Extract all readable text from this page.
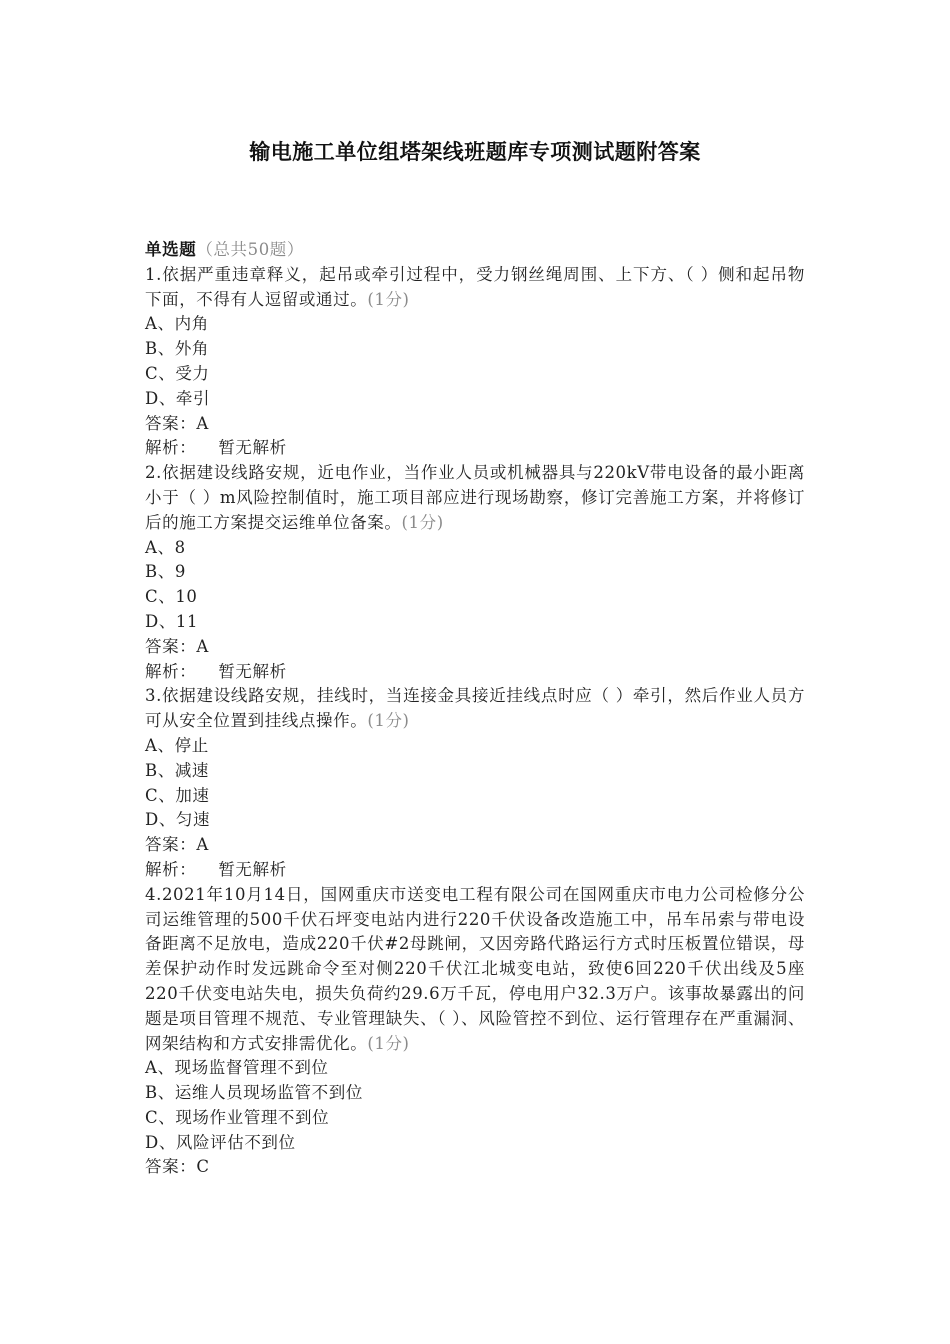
输电施工单位组塔架线班题库专项测试题附答案
单选题（总共50题）
1.依据严重违章释义，起吊或牵引过程中，受力钢丝绳周围、上下方、（ ）侧和起吊物下面，不得有人逗留或通过。(1分)
A、内角
B、外角
C、受力
D、牵引
答案：A
解析： 暂无解析
2.依据建设线路安规，近电作业，当作业人员或机械器具与220kV带电设备的最小距离小于（ ）m风险控制值时，施工项目部应进行现场勘察，修订完善施工方案，并将修订后的施工方案提交运维单位备案。(1分)
A、8
B、9
C、10
D、11
答案：A
解析： 暂无解析
3.依据建设线路安规，挂线时，当连接金具接近挂线点时应（ ）牵引，然后作业人员方可从安全位置到挂线点操作。(1分)
A、停止
B、减速
C、加速
D、匀速
答案：A
解析： 暂无解析
4.2021年10月14日，国网重庆市送变电工程有限公司在国网重庆市电力公司检修分公司运维管理的500千伏石坪变电站内进行220千伏设备改造施工中，吊车吊索与带电设备距离不足放电，造成220千伏#2母跳闸，又因旁路代路运行方式时压板置位错误，母差保护动作时发远跳命令至对侧220千伏江北城变电站，致使6回220千伏出线及5座220千伏变电站失电，损失负荷约29.6万千瓦，停电用户32.3万户。该事故暴露出的问题是项目管理不规范、专业管理缺失、（ ）、风险管控不到位、运行管理存在严重漏洞、网架结构和方式安排需优化。(1分)
A、现场监督管理不到位
B、运维人员现场监管不到位
C、现场作业管理不到位
D、风险评估不到位
答案：C
